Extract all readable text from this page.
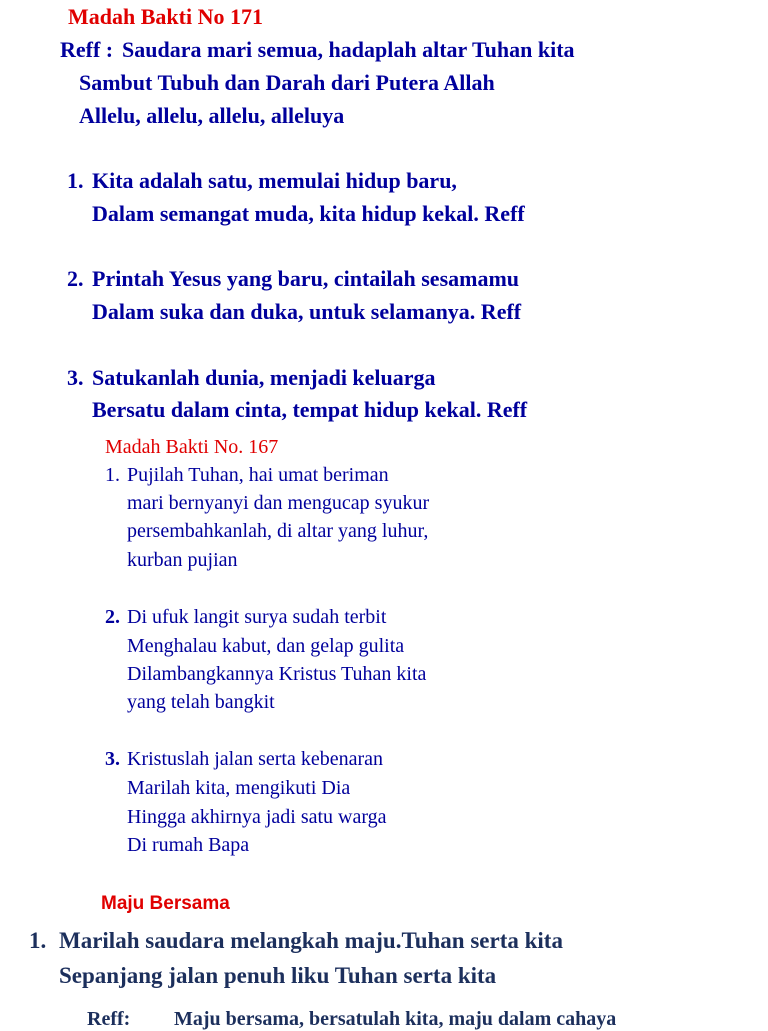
Madah Bakti No 171

Reff : Saudara mari semua, hadaplah altar Tuhan kita

Sambut Tubuh dan Darah dari Putera Allah

Allelu, allelu, allelu, alleluya

1. Kita adalah satu, memulai hidup baru,

Dalam semangat muda, kita hidup kekal. Reff

2. Printah Yesus yang baru, cintailah sesamamu

Dalam suka dan duka, untuk selamanya. Reff

3. Satukanlah dunia, menjadi keluarga

Bersatu dalam cinta, tempat hidup kekal. Reff

Madah Bakti No. 167

1. Pujilah Tuhan, hai umat beriman

mari bernyanyi dan mengucap syukur

persembahkanlah, di altar yang luhur,

kurban pujian

2. Di ufuk langit surya sudah terbit

Menghalau kabut, dan gelap gulita

Dilambangkannya Kristus Tuhan kita

yang telah bangkit

3. Kristuslah jalan serta kebenaran

Marilah kita, mengikuti Dia

Hingga akhirnya jadi satu warga

Di rumah Bapa

Maju Bersama

1. Marilah saudara melangkah maju.Tuhan serta kita

Sepanjang jalan penuh liku Tuhan serta kita

Reff: Maju bersama, bersatulah kita, maju dalam cahaya
